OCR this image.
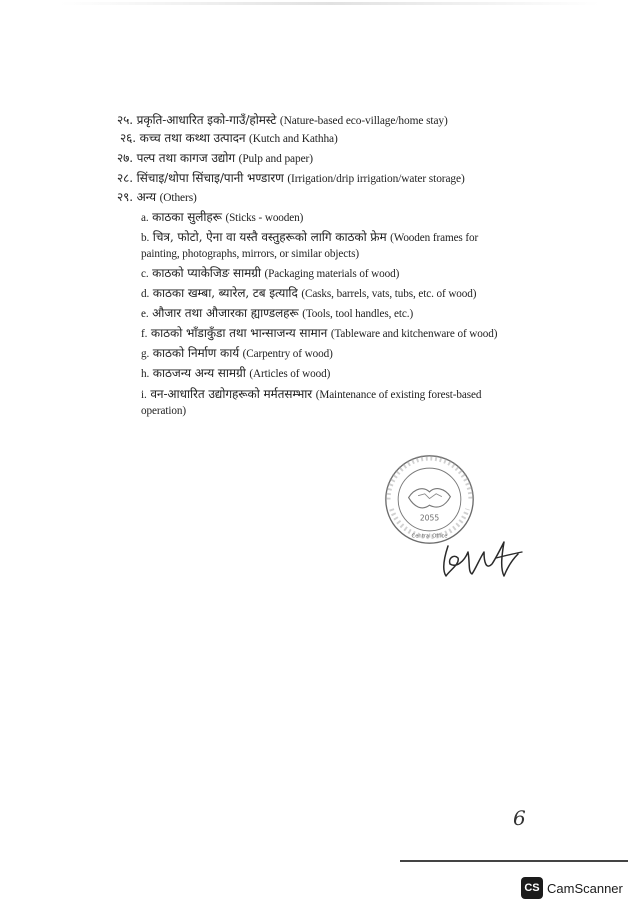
२५. प्रकृति-आधारित इको-गाउँ/होमस्टे (Nature-based eco-village/home stay)
२६. कच्च तथा कथ्था उत्पादन (Kutch and Kathha)
२७. पल्प तथा कागज उद्योग (Pulp and paper)
२८. सिंचाइ/थोपा सिंचाइ/पानी भण्डारण (Irrigation/drip irrigation/water storage)
२९. अन्य (Others)
a. काठका सुलीहरू (Sticks - wooden)
b. चित्र, फोटो, ऐना वा यस्तै वस्तुहरूको लागि काठको फ्रेम (Wooden frames for
painting, photographs, mirrors, or similar objects)
c. काठको प्याकेजिङ सामग्री (Packaging materials of wood)
d. काठका खम्बा, ब्यारेल, टब इत्यादि (Casks, barrels, vats, tubs, etc. of wood)
e. औजार तथा औजारका ह्याण्डलहरू (Tools, tool handles, etc.)
f. काठको भाँडाकुँडा तथा भान्साजन्य सामान (Tableware and kitchenware of wood)
g. काठको निर्माण कार्य (Carpentry of wood)
h. काठजन्य अन्य सामग्री (Articles of wood)
i. वन-आधारित उद्योगहरूको मर्मतसम्भार (Maintenance of existing forest-based
operation)
2055
Central Office
6
CS CamScanner
